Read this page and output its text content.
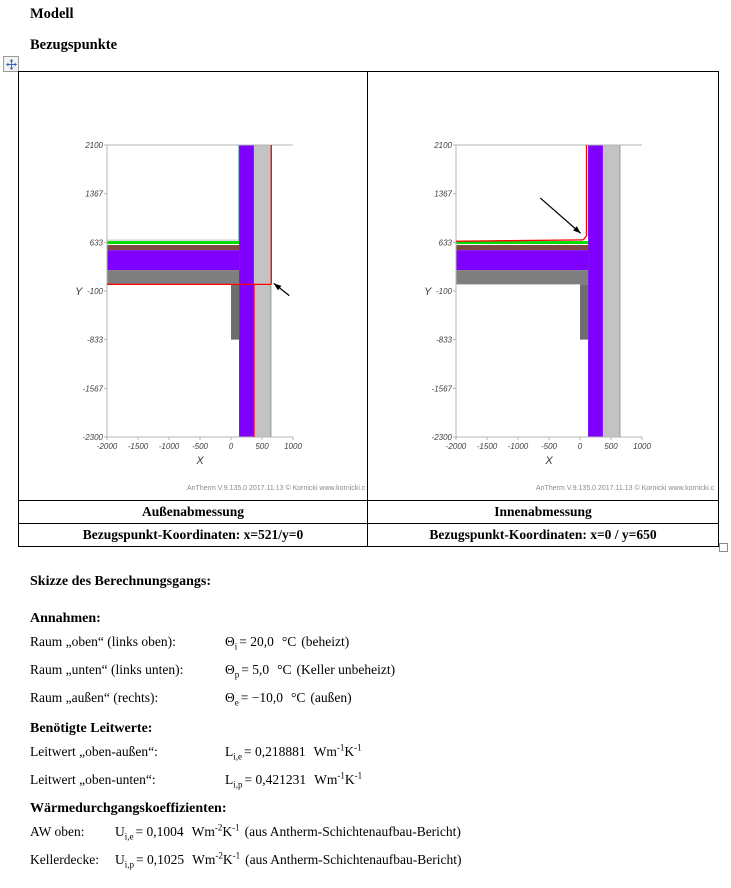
Modell
Bezugspunkte
2100
1367
633
-100
-833
-1567
-2300
-2000 -1500 -1000 -500	0	500 1000
Y
X
AnTherm V.9.135.0 2017.11.13 © Kornicki www.kornicki.c
2100
1367
633
-100
-833
-1567
-2300
-2000 -1500 -1000 -500	0	500 1000
Y
X
AnTherm V.9.135.0 2017.11.13 © Kornicki www.kornicki.c
Außenabmessung	Innenabmessung
Bezugspunkt-Koordinaten: x=521/y=0	Bezugspunkt-Koordinaten: x=0 / y=650
Skizze des Berechnungsgangs:
Annahmen:
Raum „oben“ (links oben):	$\Theta_i = 20,0$ °C (beheizt)
Raum „unten“ (links unten):	$\Theta_p = 5,0$ °C (Keller unbeheizt)
Raum „außen“ (rechts):	$\Theta_e = -10,0$ °C (außen)
Benötigte Leitwerte:
Leitwert „oben-außen“:	$L_{i,e} = 0,218881$ $Wm^{-1}K^{-1}$
Leitwert „oben-unten“:	$L_{i,p} = 0,421231$ $Wm^{-1}K^{-1}$
Wärmedurchgangskoeffizienten:
AW oben: $U_{i,e} = 0,1004$ $Wm^{-2}K^{-1}$ (aus Antherm-Schichtenaufbau-Bericht)
Kellerdecke: $U_{i,p} = 0,1025$ $Wm^{-2}K^{-1}$ (aus Antherm-Schichtenaufbau-Bericht)
